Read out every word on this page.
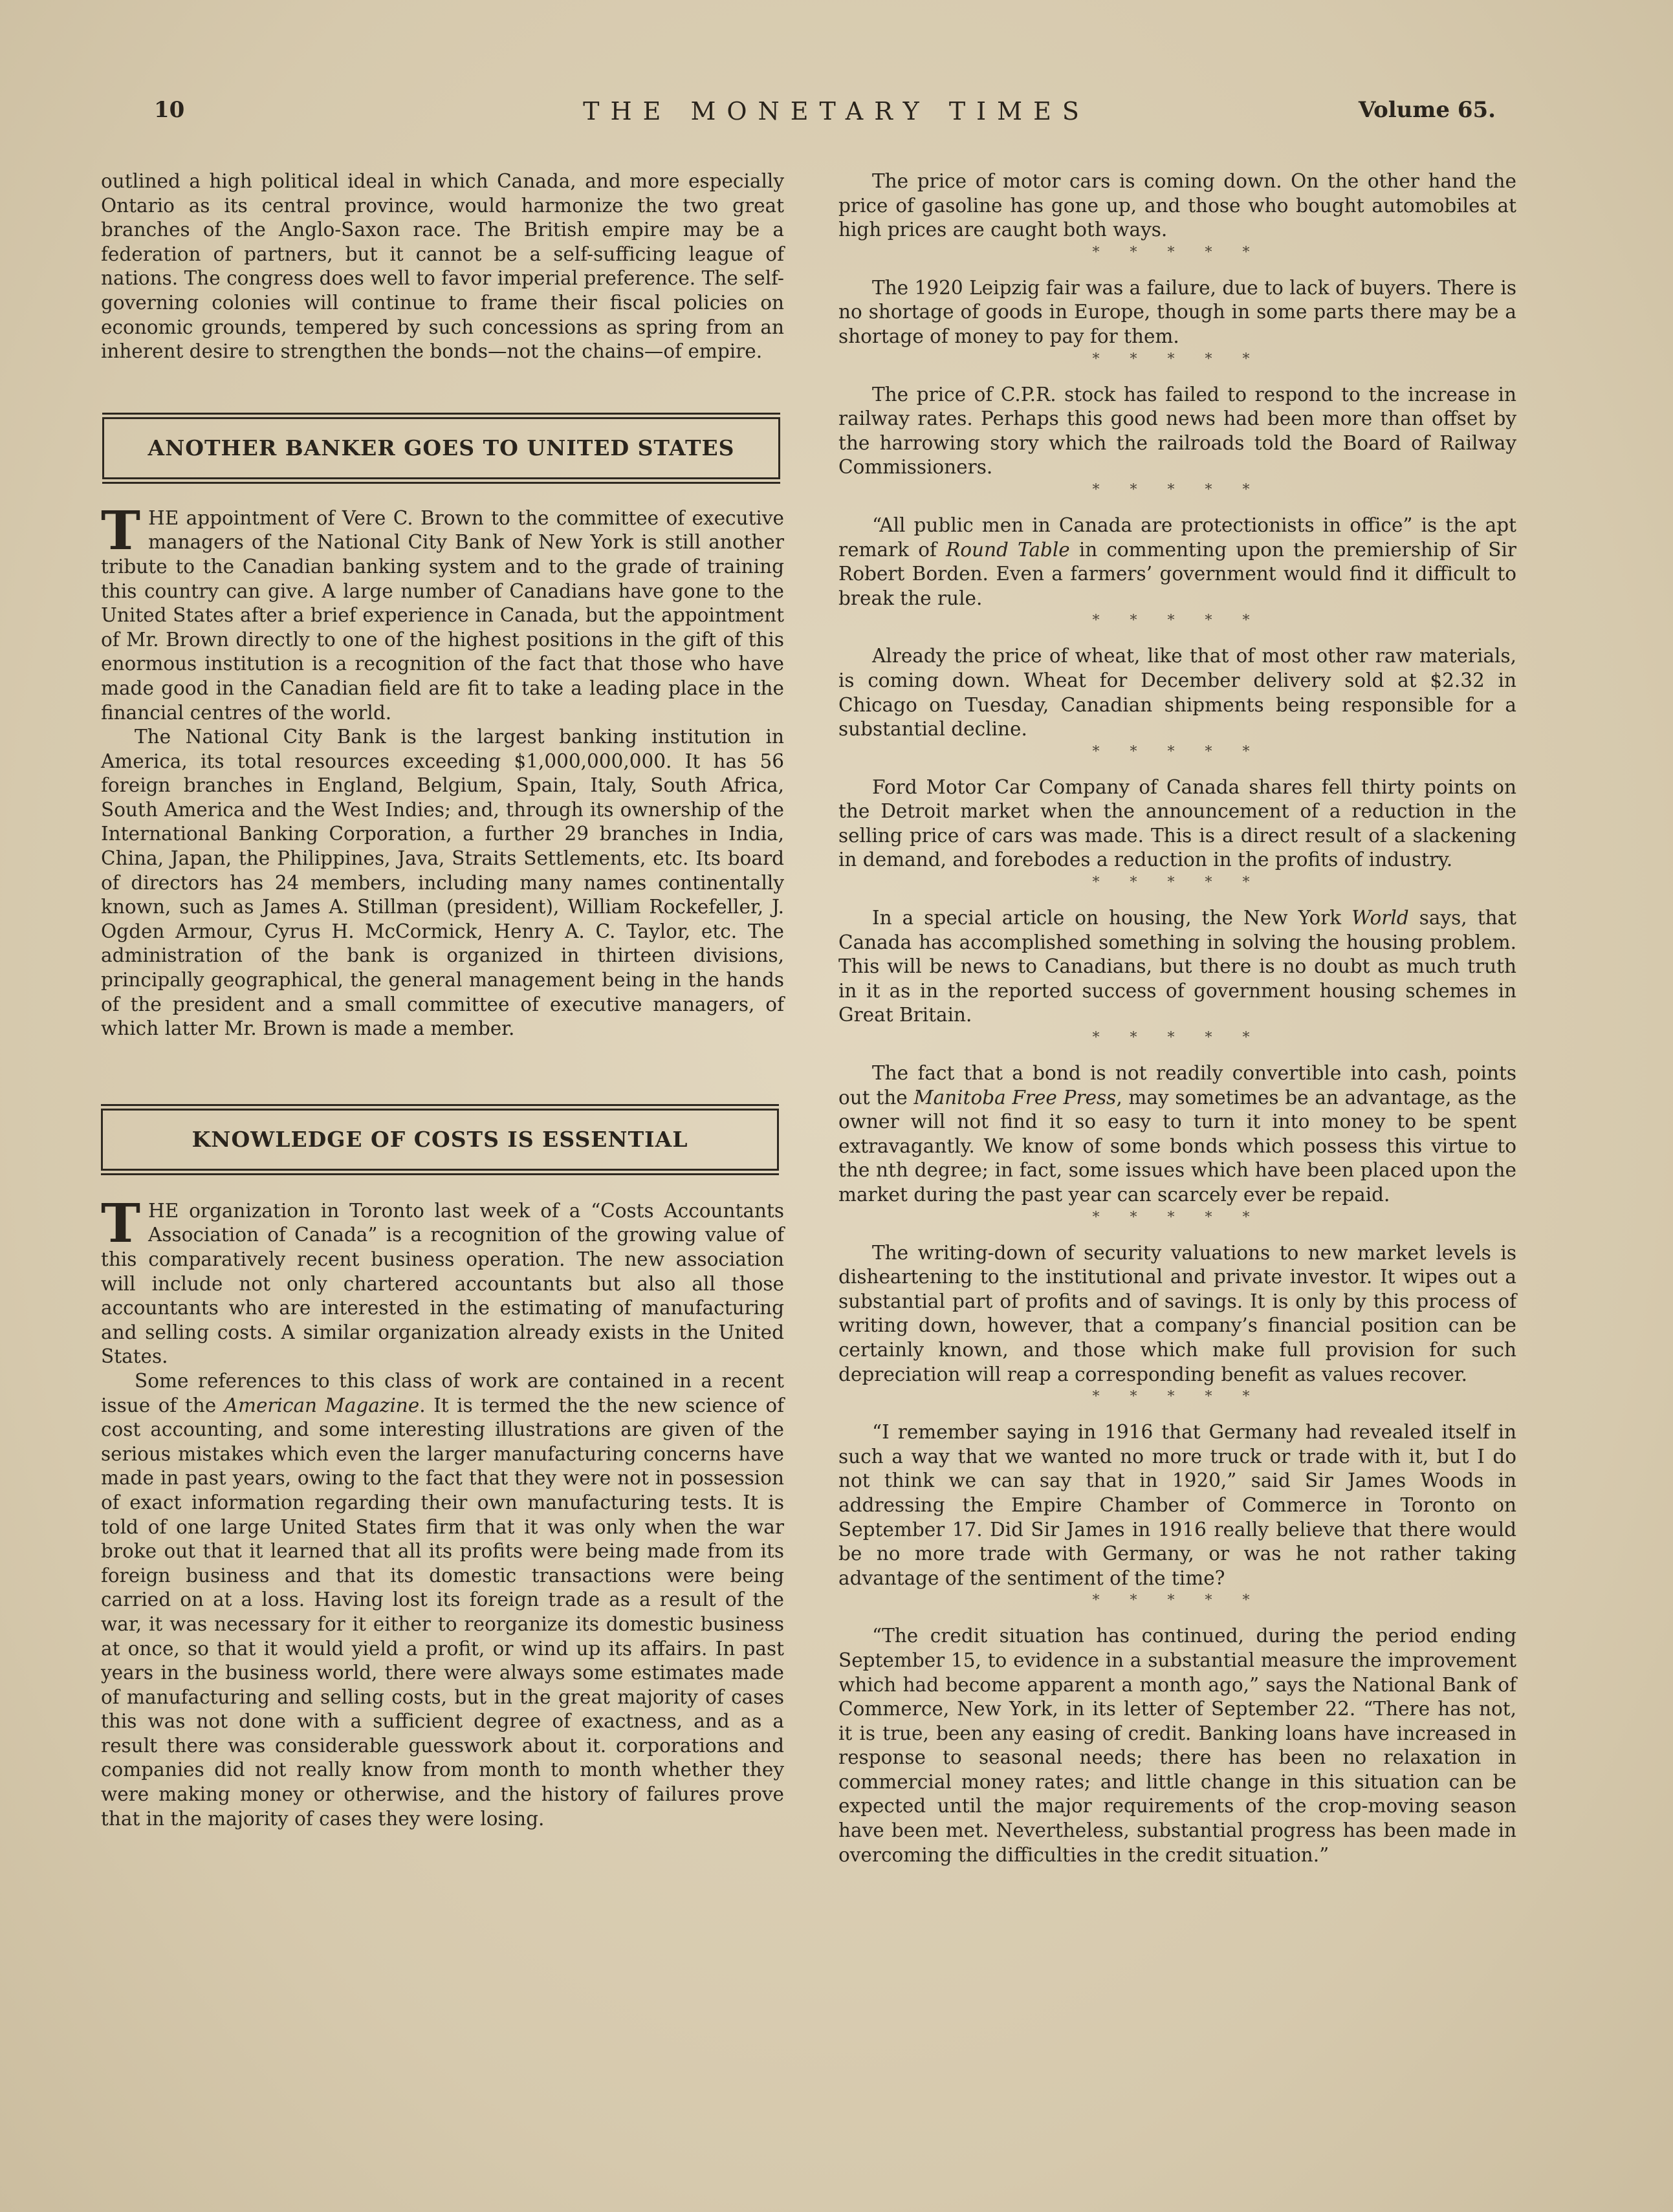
10	THE MONETARY TIMES	Volume 65.

outlined a high political ideal in which Canada, and more especially Ontario as its central province, would harmonize the two great branches of the Anglo-Saxon race. The British empire may be a federation of partners, but it cannot be a self-sufficing league of nations. The congress does well to favor imperial preference. The self-governing colonies will continue to frame their fiscal policies on economic grounds, tempered by such concessions as spring from an inherent desire to strengthen the bonds—not the chains—of empire.

ANOTHER BANKER GOES TO UNITED STATES

THE appointment of Vere C. Brown to the committee of executive managers of the National City Bank of New York is still another tribute to the Canadian banking system and to the grade of training this country can give. A large number of Canadians have gone to the United States after a brief experience in Canada, but the appointment of Mr. Brown directly to one of the highest positions in the gift of this enormous institution is a recognition of the fact that those who have made good in the Canadian field are fit to take a leading place in the financial centres of the world.

The National City Bank is the largest banking institution in America, its total resources exceeding $1,000,000,000. It has 56 foreign branches in England, Belgium, Spain, Italy, South Africa, South America and the West Indies; and, through its ownership of the International Banking Corporation, a further 29 branches in India, China, Japan, the Philippines, Java, Straits Settlements, etc. Its board of directors has 24 members, including many names continentally known, such as James A. Stillman (president), William Rockefeller, J. Ogden Armour, Cyrus H. McCormick, Henry A. C. Taylor, etc. The administration of the bank is organized in thirteen divisions, principally geographical, the general management being in the hands of the president and a small committee of executive managers, of which latter Mr. Brown is made a member.

KNOWLEDGE OF COSTS IS ESSENTIAL

THE organization in Toronto last week of a “Costs Accountants Association of Canada” is a recognition of the growing value of this comparatively recent business operation. The new association will include not only chartered accountants but also all those accountants who are interested in the estimating of manufacturing and selling costs. A similar organization already exists in the United States.

Some references to this class of work are contained in a recent issue of the American Magazine. It is termed the the new science of cost accounting, and some interesting illustrations are given of the serious mistakes which even the larger manufacturing concerns have made in past years, owing to the fact that they were not in possession of exact information regarding their own manufacturing tests. It is told of one large United States firm that it was only when the war broke out that it learned that all its profits were being made from its foreign business and that its domestic transactions were being carried on at a loss. Having lost its foreign trade as a result of the war, it was necessary for it either to reorganize its domestic business at once, so that it would yield a profit, or wind up its affairs. In past years in the business world, there were always some estimates made of manufacturing and selling costs, but in the great majority of cases this was not done with a sufficient degree of exactness, and as a result there was considerable guesswork about it. corporations and companies did not really know from month to month whether they were making money or otherwise, and the history of failures prove that in the majority of cases they were losing.

The price of motor cars is coming down. On the other hand the price of gasoline has gone up, and those who bought automobiles at high prices are caught both ways.

* * * * *

The 1920 Leipzig fair was a failure, due to lack of buyers. There is no shortage of goods in Europe, though in some parts there may be a shortage of money to pay for them.

* * * * *

The price of C.P.R. stock has failed to respond to the increase in railway rates. Perhaps this good news had been more than offset by the harrowing story which the railroads told the Board of Railway Commissioners.

* * * * *

“All public men in Canada are protectionists in office” is the apt remark of Round Table in commenting upon the premiership of Sir Robert Borden. Even a farmers’ government would find it difficult to break the rule.

* * * * *

Already the price of wheat, like that of most other raw materials, is coming down. Wheat for December delivery sold at $2.32 in Chicago on Tuesday, Canadian shipments being responsible for a substantial decline.

* * * * *

Ford Motor Car Company of Canada shares fell thirty points on the Detroit market when the announcement of a reduction in the selling price of cars was made. This is a direct result of a slackening in demand, and forebodes a reduction in the profits of industry.

* * * * *

In a special article on housing, the New York World says, that Canada has accomplished something in solving the housing problem. This will be news to Canadians, but there is no doubt as much truth in it as in the reported success of government housing schemes in Great Britain.

* * * * *

The fact that a bond is not readily convertible into cash, points out the Manitoba Free Press, may sometimes be an advantage, as the owner will not find it so easy to turn it into money to be spent extravagantly. We know of some bonds which possess this virtue to the nth degree; in fact, some issues which have been placed upon the market during the past year can scarcely ever be repaid.

* * * * *

The writing-down of security valuations to new market levels is disheartening to the institutional and private investor. It wipes out a substantial part of profits and of savings. It is only by this process of writing down, however, that a company’s financial position can be certainly known, and those which make full provision for such depreciation will reap a corresponding benefit as values recover.

* * * * *

“I remember saying in 1916 that Germany had revealed itself in such a way that we wanted no more truck or trade with it, but I do not think we can say that in 1920,” said Sir James Woods in addressing the Empire Chamber of Commerce in Toronto on September 17. Did Sir James in 1916 really believe that there would be no more trade with Germany, or was he not rather taking advantage of the sentiment of the time?

* * * * *

“The credit situation has continued, during the period ending September 15, to evidence in a substantial measure the improvement which had become apparent a month ago,” says the National Bank of Commerce, New York, in its letter of September 22. “There has not, it is true, been any easing of credit. Banking loans have increased in response to seasonal needs; there has been no relaxation in commercial money rates; and little change in this situation can be expected until the major requirements of the crop-moving season have been met. Nevertheless, substantial progress has been made in overcoming the difficulties in the credit situation.”
